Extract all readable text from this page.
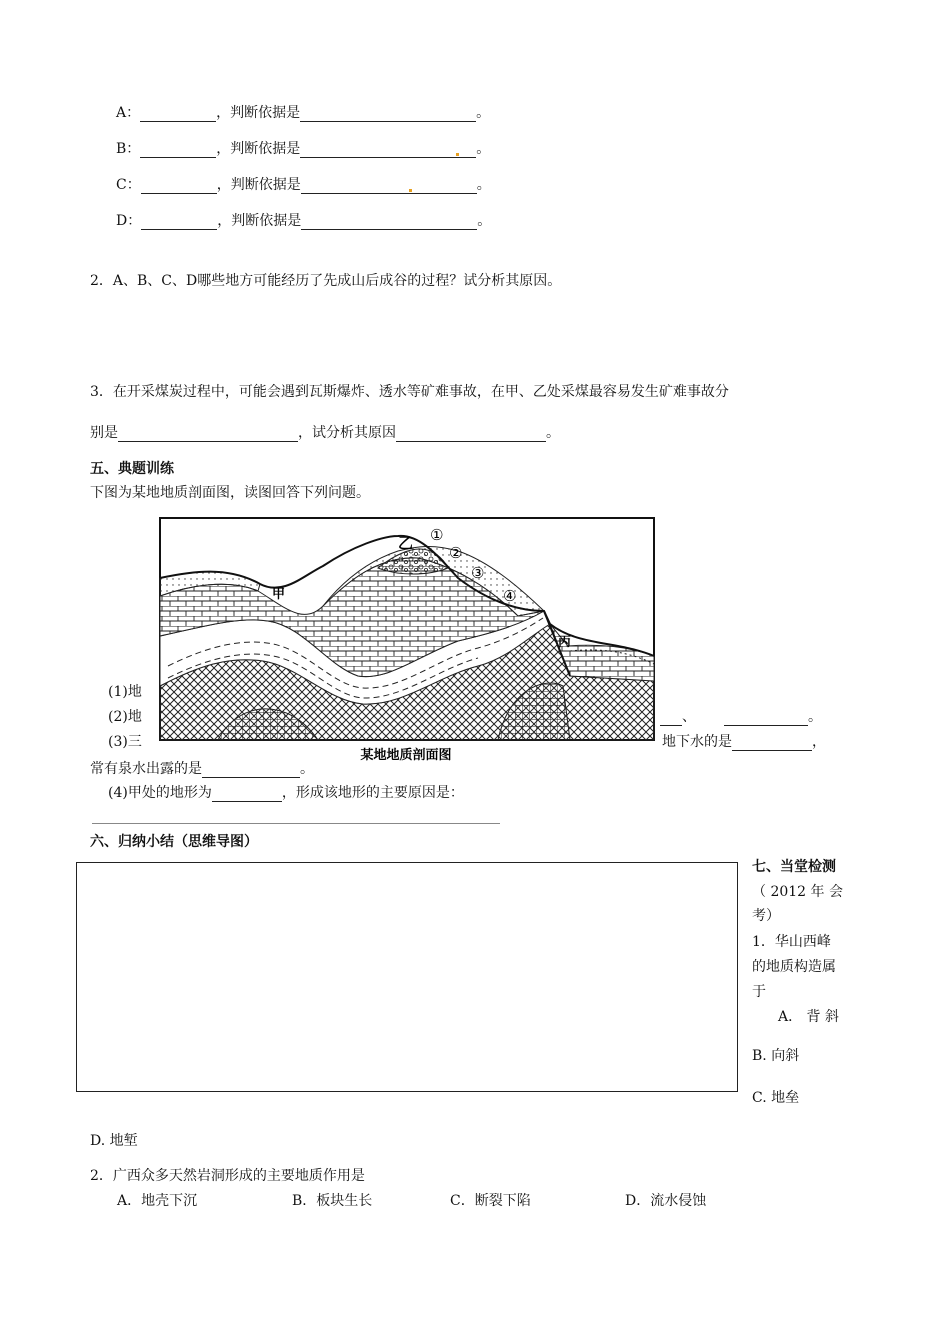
A：	，判断依据是	。
B：	，判断依据是	。
C：	，判断依据是	。
D：	，判断依据是	。
2．A、B、C、D哪些地方可能经历了先成山后成谷的过程？试分析其原因。
3．在开采煤炭过程中，可能会遇到瓦斯爆炸、透水等矿难事故，在甲、乙处采煤最容易发生矿难事故分
别是	，试分析其原因	。
五、典题训练
下图为某地地质剖面图，读图回答下列问题。
(1)地
(2)地	、	。
(3)三	地下水的是	，
常有泉水出露的是	。
(4)甲处的地形为	，形成该地形的主要原因是：
乙 ①
②
③
④
甲
丙
某地地质剖面图
六、归纳小结（思维导图）
七、当堂检测
（ 2012 年 会
考）
1．华山西峰
的地质构造属
于
A． 背 斜
B. 向斜
C. 地垒
D. 地堑
2．广西众多天然岩洞形成的主要地质作用是
A．地壳下沉	B．板块生长	C．断裂下陷	D．流水侵蚀
